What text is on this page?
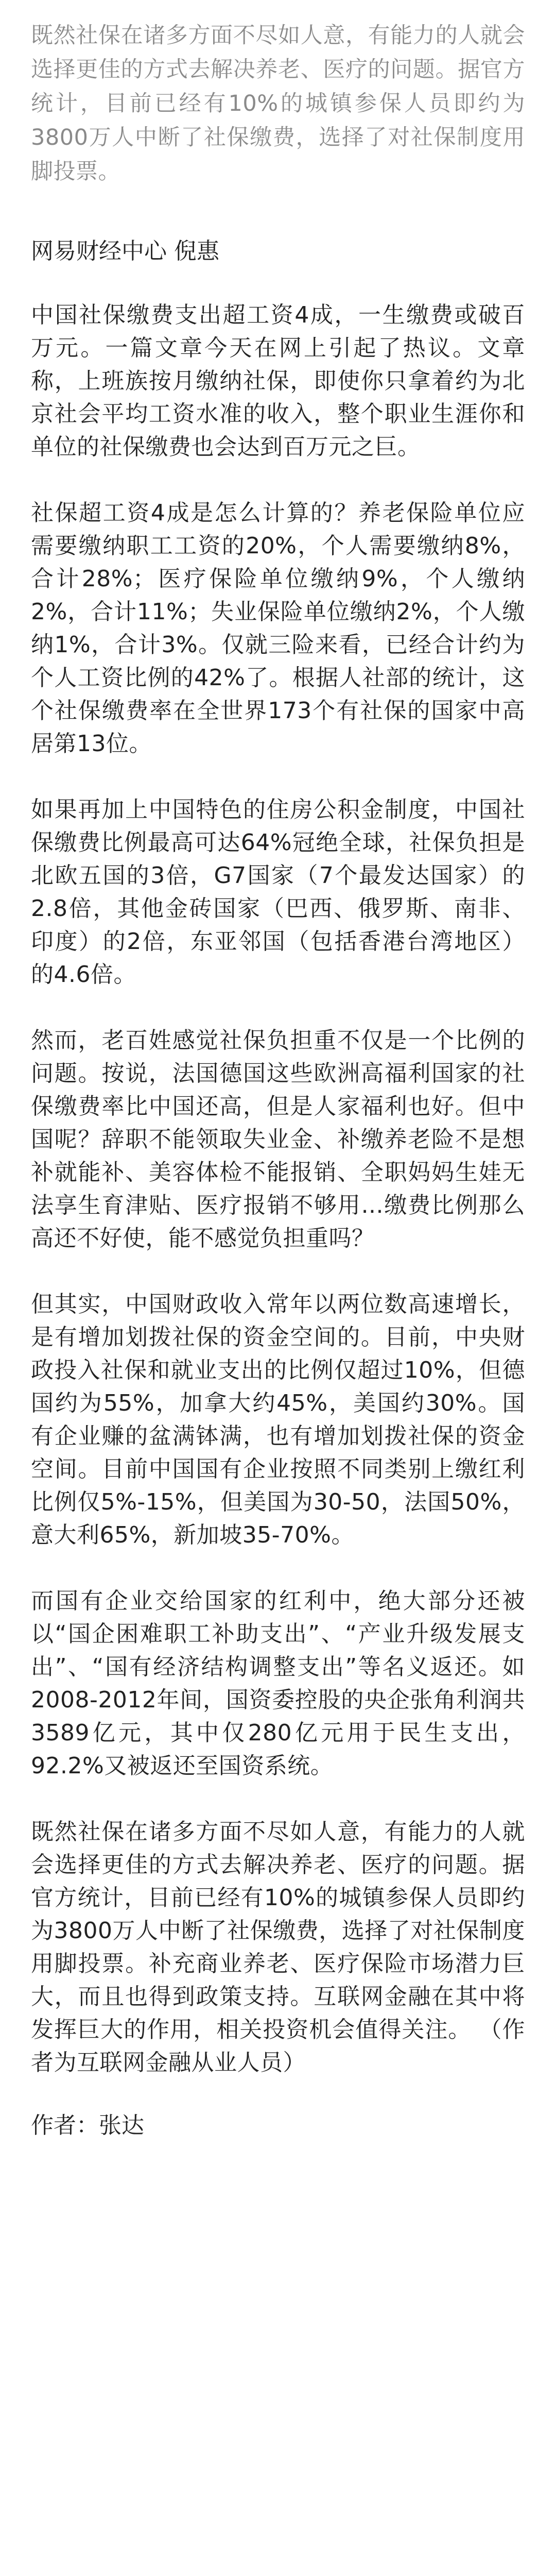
既然社保在诸多方面不尽如人意，有能力的人就会选择更佳的方式去解决养老、医疗的问题。据官方统计，目前已经有10%的城镇参保人员即约为3800万人中断了社保缴费，选择了对社保制度用脚投票。
网易财经中心 倪惠

中国社保缴费支出超工资4成，一生缴费或破百万元。一篇文章今天在网上引起了热议。文章称，上班族按月缴纳社保，即使你只拿着约为北京社会平均工资水准的收入，整个职业生涯你和单位的社保缴费也会达到百万元之巨。

社保超工资4成是怎么计算的？养老保险单位应需要缴纳职工工资的20%，个人需要缴纳8%，合计28%；医疗保险单位缴纳9%，个人缴纳2%，合计11%；失业保险单位缴纳2%，个人缴纳1%，合计3%。仅就三险来看，已经合计约为个人工资比例的42%了。根据人社部的统计，这个社保缴费率在全世界173个有社保的国家中高居第13位。

如果再加上中国特色的住房公积金制度，中国社保缴费比例最高可达64%冠绝全球，社保负担是北欧五国的3倍，G7国家（7个最发达国家）的2.8倍，其他金砖国家（巴西、俄罗斯、南非、印度）的2倍，东亚邻国（包括香港台湾地区）的4.6倍。

然而，老百姓感觉社保负担重不仅是一个比例的问题。按说，法国德国这些欧洲高福利国家的社保缴费率比中国还高，但是人家福利也好。但中国呢？辞职不能领取失业金、补缴养老险不是想补就能补、美容体检不能报销、全职妈妈生娃无法享生育津贴、医疗报销不够用...缴费比例那么高还不好使，能不感觉负担重吗？

但其实，中国财政收入常年以两位数高速增长，是有增加划拨社保的资金空间的。目前，中央财政投入社保和就业支出的比例仅超过10%，但德国约为55%，加拿大约45%，美国约30%。国有企业赚的盆满钵满，也有增加划拨社保的资金空间。目前中国国有企业按照不同类别上缴红利比例仅5%-15%，但美国为30-50，法国50%，意大利65%，新加坡35-70%。

而国有企业交给国家的红利中，绝大部分还被以“国企困难职工补助支出”、“产业升级发展支出”、“国有经济结构调整支出”等名义返还。如2008-2012年间，国资委控股的央企张角利润共3589亿元，其中仅280亿元用于民生支出，92.2%又被返还至国资系统。

既然社保在诸多方面不尽如人意，有能力的人就会选择更佳的方式去解决养老、医疗的问题。据官方统计，目前已经有10%的城镇参保人员即约为3800万人中断了社保缴费，选择了对社保制度用脚投票。补充商业养老、医疗保险市场潜力巨大，而且也得到政策支持。互联网金融在其中将发挥巨大的作用，相关投资机会值得关注。 （作者为互联网金融从业人员）

作者：张达
